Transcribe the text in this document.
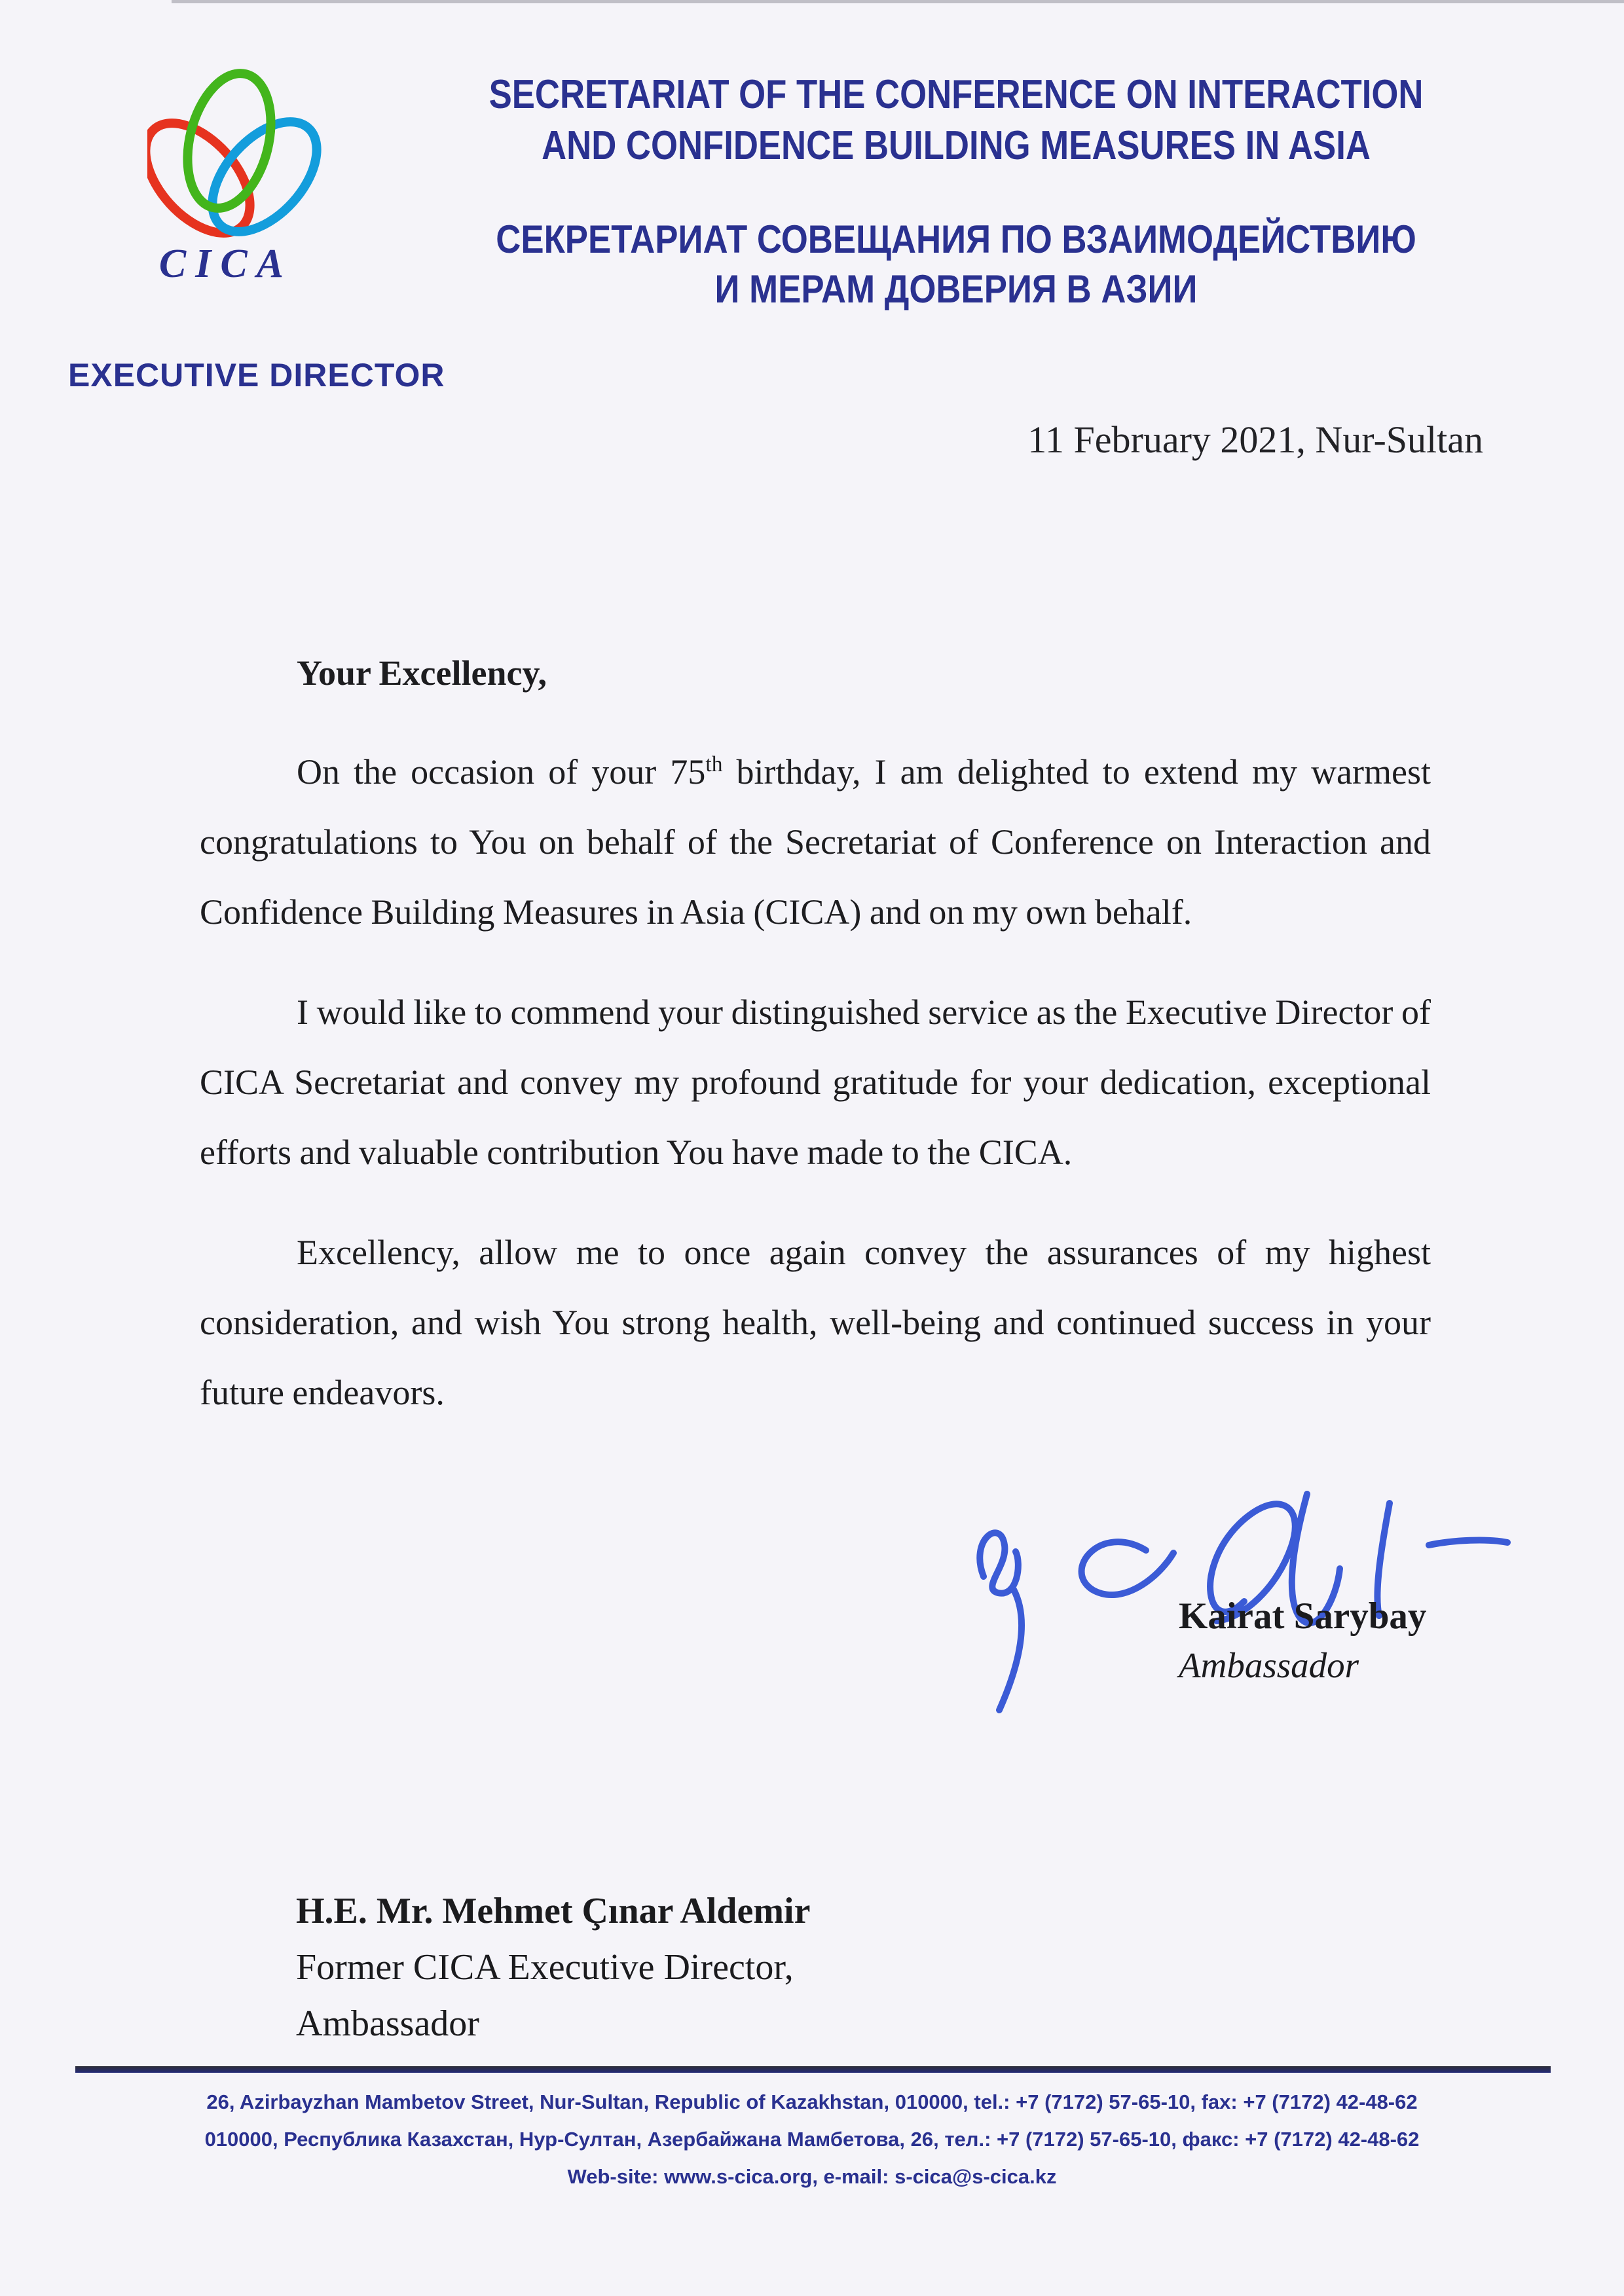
CICA
EXECUTIVE DIRECTOR
SECRETARIAT OF THE CONFERENCE ON INTERACTION
AND CONFIDENCE BUILDING MEASURES IN ASIA
СЕКРЕТАРИАТ СОВЕЩАНИЯ ПО ВЗАИМОДЕЙСТВИЮ
И МЕРАМ ДОВЕРИЯ В АЗИИ
11 February 2021, Nur-Sultan

Your Excellency,

On the occasion of your 75th birthday, I am delighted to extend my warmest congratulations to You on behalf of the Secretariat of Conference on Interaction and Confidence Building Measures in Asia (CICA) and on my own behalf.

I would like to commend your distinguished service as the Executive Director of CICA Secretariat and convey my profound gratitude for your dedication, exceptional efforts and valuable contribution You have made to the CICA.

Excellency, allow me to once again convey the assurances of my highest consideration, and wish You strong health, well-being and continued success in your future endeavors.

Kairat Sarybay
Ambassador
H.E. Mr. Mehmet Çınar Aldemir
Former CICA Executive Director,
Ambassador
26, Azirbayzhan Mambetov Street, Nur-Sultan, Republic of Kazakhstan, 010000, tel.: +7 (7172) 57-65-10, fax: +7 (7172) 42-48-62
010000, Республика Казахстан, Нур-Султан, Азербайжана Мамбетова, 26, тел.: +7 (7172) 57-65-10, факс: +7 (7172) 42-48-62
Web-site: www.s-cica.org, e-mail: s-cica@s-cica.kz
